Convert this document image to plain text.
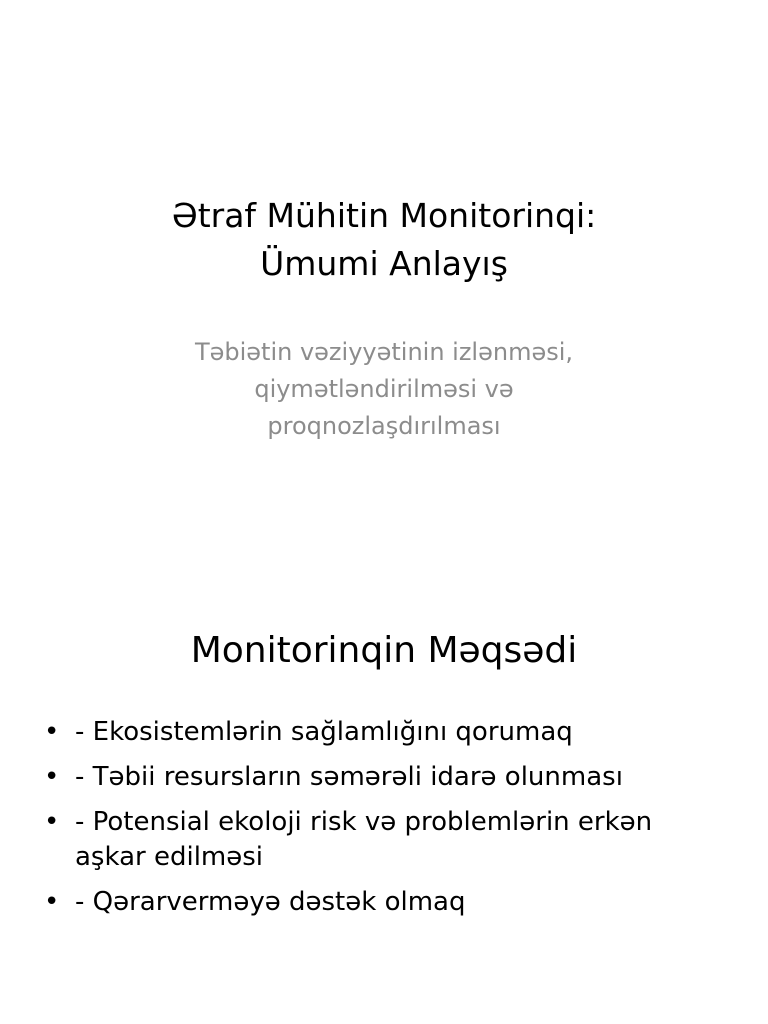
Ətraf Mühitin Monitorinqi:
Ümumi Anlayış

Təbiətin vəziyyətinin izlənməsi,
qiymətləndirilməsi və
proqnozlaşdırılması

Monitorinqin Məqsədi
• - Ekosistemlərin sağlamlığını qorumaq
• - Təbii resursların səmərəli idarə olunması
• - Potensial ekoloji risk və problemlərin erkən aşkar edilməsi
• - Qərarverməyə dəstək olmaq
